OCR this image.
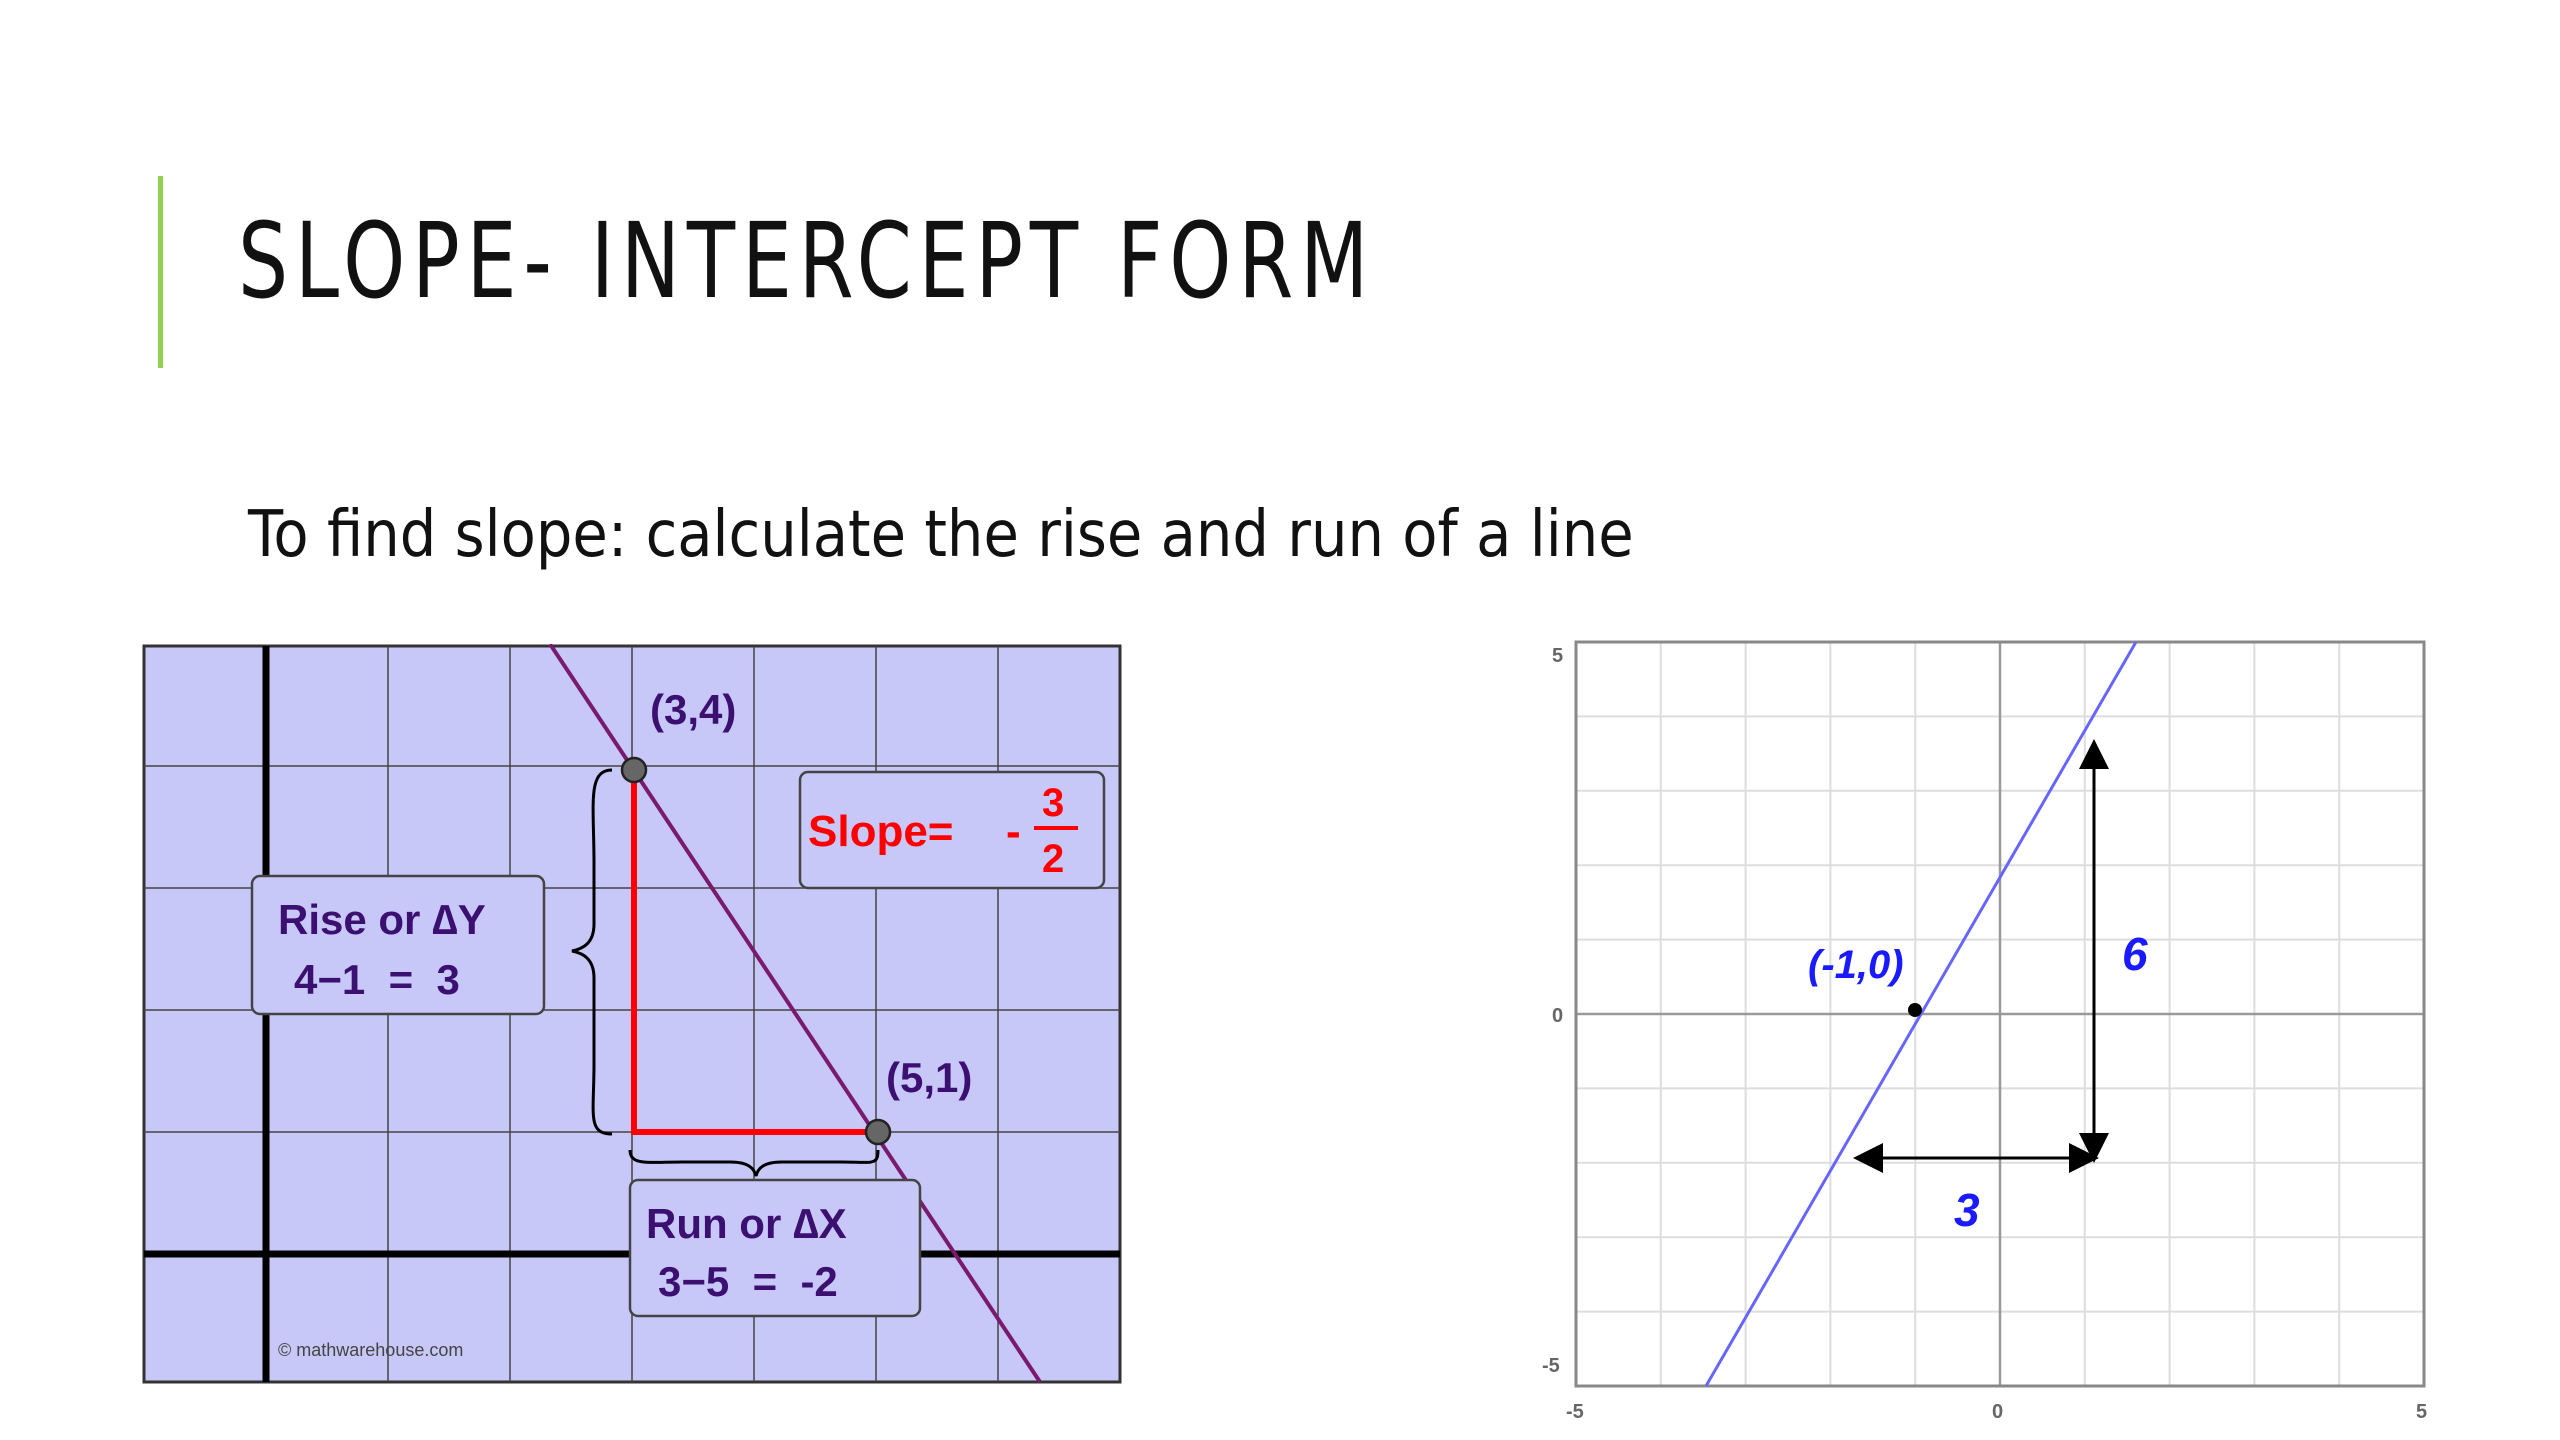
SLOPE- INTERCEPT FORM

To find slope: calculate the rise and run of a line

(3,4)
(5,1)
Slope= -
3
2
Rise or ∆Y
4−1  =  3
Run or ∆X
3−5  =  -2
© mathwarehouse.com
5
0
-5
-5	0	5
(-1,0)	6
3
